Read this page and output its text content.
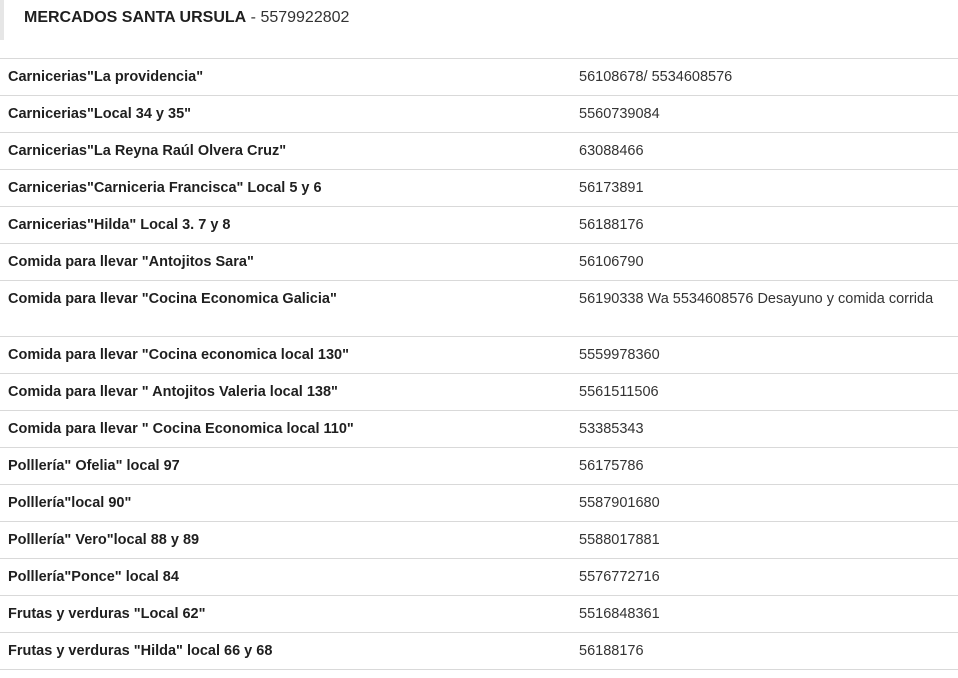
MERCADOS SANTA URSULA - 5579922802
Carnicerias"La providencia"	56108678/ 5534608576
Carnicerias"Local 34 y 35"	5560739084
Carnicerias"La Reyna Raúl Olvera Cruz"	63088466
Carnicerias"Carniceria Francisca" Local 5 y 6	56173891
Carnicerias"Hilda" Local 3. 7 y 8	56188176
Comida para llevar "Antojitos Sara"	56106790
Comida para llevar "Cocina Economica Galicia"	56190338 Wa 5534608576 Desayuno y comida corrida
Comida para llevar "Cocina economica local 130"	5559978360
Comida para llevar " Antojitos Valeria local 138"	5561511506
Comida para llevar " Cocina Economica local 110"	53385343
Polllería" Ofelia" local 97	56175786
Polllería"local 90"	5587901680
Polllería" Vero"local 88 y 89	5588017881
Polllería"Ponce" local 84	5576772716
Frutas y verduras "Local 62"	5516848361
Frutas y verduras "Hilda" local 66 y 68	56188176
